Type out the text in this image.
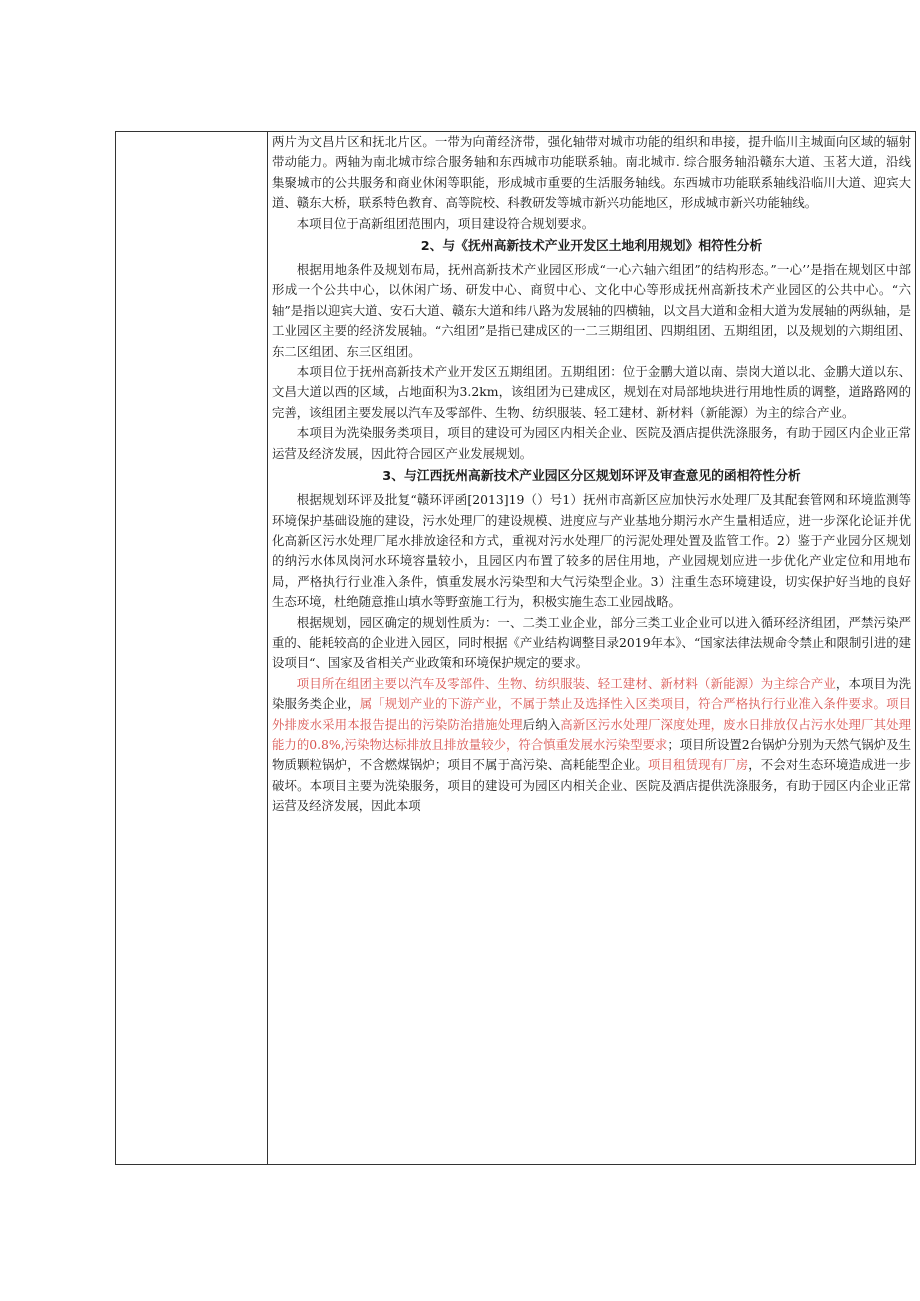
两片为文昌片区和抚北片区。一带为向莆经济带，强化轴带对城市功能的组织和串接，提升临川主城面向区域的辐射带动能力。两轴为南北城市综合服务轴和东西城市功能联系轴。南北城市. 综合服务轴沿赣东大道、玉茗大道，沿线集聚城市的公共服务和商业休闲等职能，形成城市重要的生活服务轴线。东西城市功能联系轴线沿临川大道、迎宾大道、赣东大桥，联系特色教育、高等院校、科教研发等城市新兴功能地区，形成城市新兴功能轴线。

本项目位于高新组团范围内，项目建设符合规划要求。

2、与《抚州高新技术产业开发区土地利用规划》相符性分析

根据用地条件及规划布局，抚州高新技术产业园区形成“一心六轴六组团”的结构形态。”一心’’是指在规划区中部形成一个公共中心，以休闲广场、研发中心、商贸中心、文化中心等形成抚州高新技术产业园区的公共中心。“六轴”是指以迎宾大道、安石大道、赣东大道和纬八路为发展轴的四横轴，以文昌大道和金相大道为发展轴的两纵轴，是工业园区主要的经济发展轴。“六组团”是指已建成区的一二三期组团、四期组团、五期组团，以及规划的六期组团、东二区组团、东三区组团。

本项目位于抚州高新技术产业开发区五期组团。五期组团：位于金鹏大道以南、崇岗大道以北、金鹏大道以东、文昌大道以西的区域，占地面积为3.2km，该组团为已建成区，规划在对局部地块进行用地性质的调整，道路路网的完善，该组团主要发展以汽车及零部件、生物、纺织服装、轻工建材、新材料（新能源）为主的综合产业。

本项目为洗染服务类项目，项目的建设可为园区内相关企业、医院及酒店提供洗涤服务，有助于园区内企业正常运营及经济发展，因此符合园区产业发展规划。

3、与江西抚州高新技术产业园区分区规划环评及审查意见的函相符性分析

根据规划环评及批复“赣环评函[2013]19（）号1）抚州市高新区应加快污水处理厂及其配套管网和环境监测等环境保护基础设施的建设，污水处理厂的建设规模、进度应与产业基地分期污水产生量相适应，进一步深化论证并优化高新区污水处理厂尾水排放途径和方式，重视对污水处理厂的污泥处理处置及监管工作。2）鉴于产业园分区规划的纳污水体凤岗河水环境容量较小，且园区内布置了较多的居住用地，产业园规划应进一步优化产业定位和用地布局，严格执行行业准入条件，慎重发展水污染型和大气污染型企业。3）注重生态环境建设，切实保护好当地的良好生态环境，杜绝随意推山填水等野蛮施工行为，积极实施生态工业园战略。

根据规划，园区确定的规划性质为：一、二类工业企业，部分三类工业企业可以进入循环经济组团，严禁污染严重的、能耗较高的企业进入园区，同时根据《产业结构调整目录2019年本》、“国家法律法规命令禁止和限制引进的建设项目“、国家及省相关产业政策和环境保护规定的要求。

项目所在组团主要以汽车及零部件、生物、纺织服装、轻工建材、新材料（新能源）为主综合产业，本项目为洗染服务类企业，属「规划产业的下游产业，不属于禁止及选择性入区类项目，符合严格执行行业准入条件要求。项目外排废水采用本报告提出的污染防治措施处理后纳入高新区污水处理厂深度处理，废水日排放仅占污水处理厂其处理能力的0.8%,污染物达标排放且排放量较少，符合慎重发展水污染型要求；项目所设置2台锅炉分别为天然气锅炉及生物质颗粒锅炉，不含燃煤锅炉；项目不属于高污染、高耗能型企业。项目租赁现有厂房，不会对生态环境造成进一步破坏。本项目主要为洗染服务，项目的建设可为园区内相关企业、医院及酒店提供洗涤服务，有助于园区内企业正常运营及经济发展，因此本项
